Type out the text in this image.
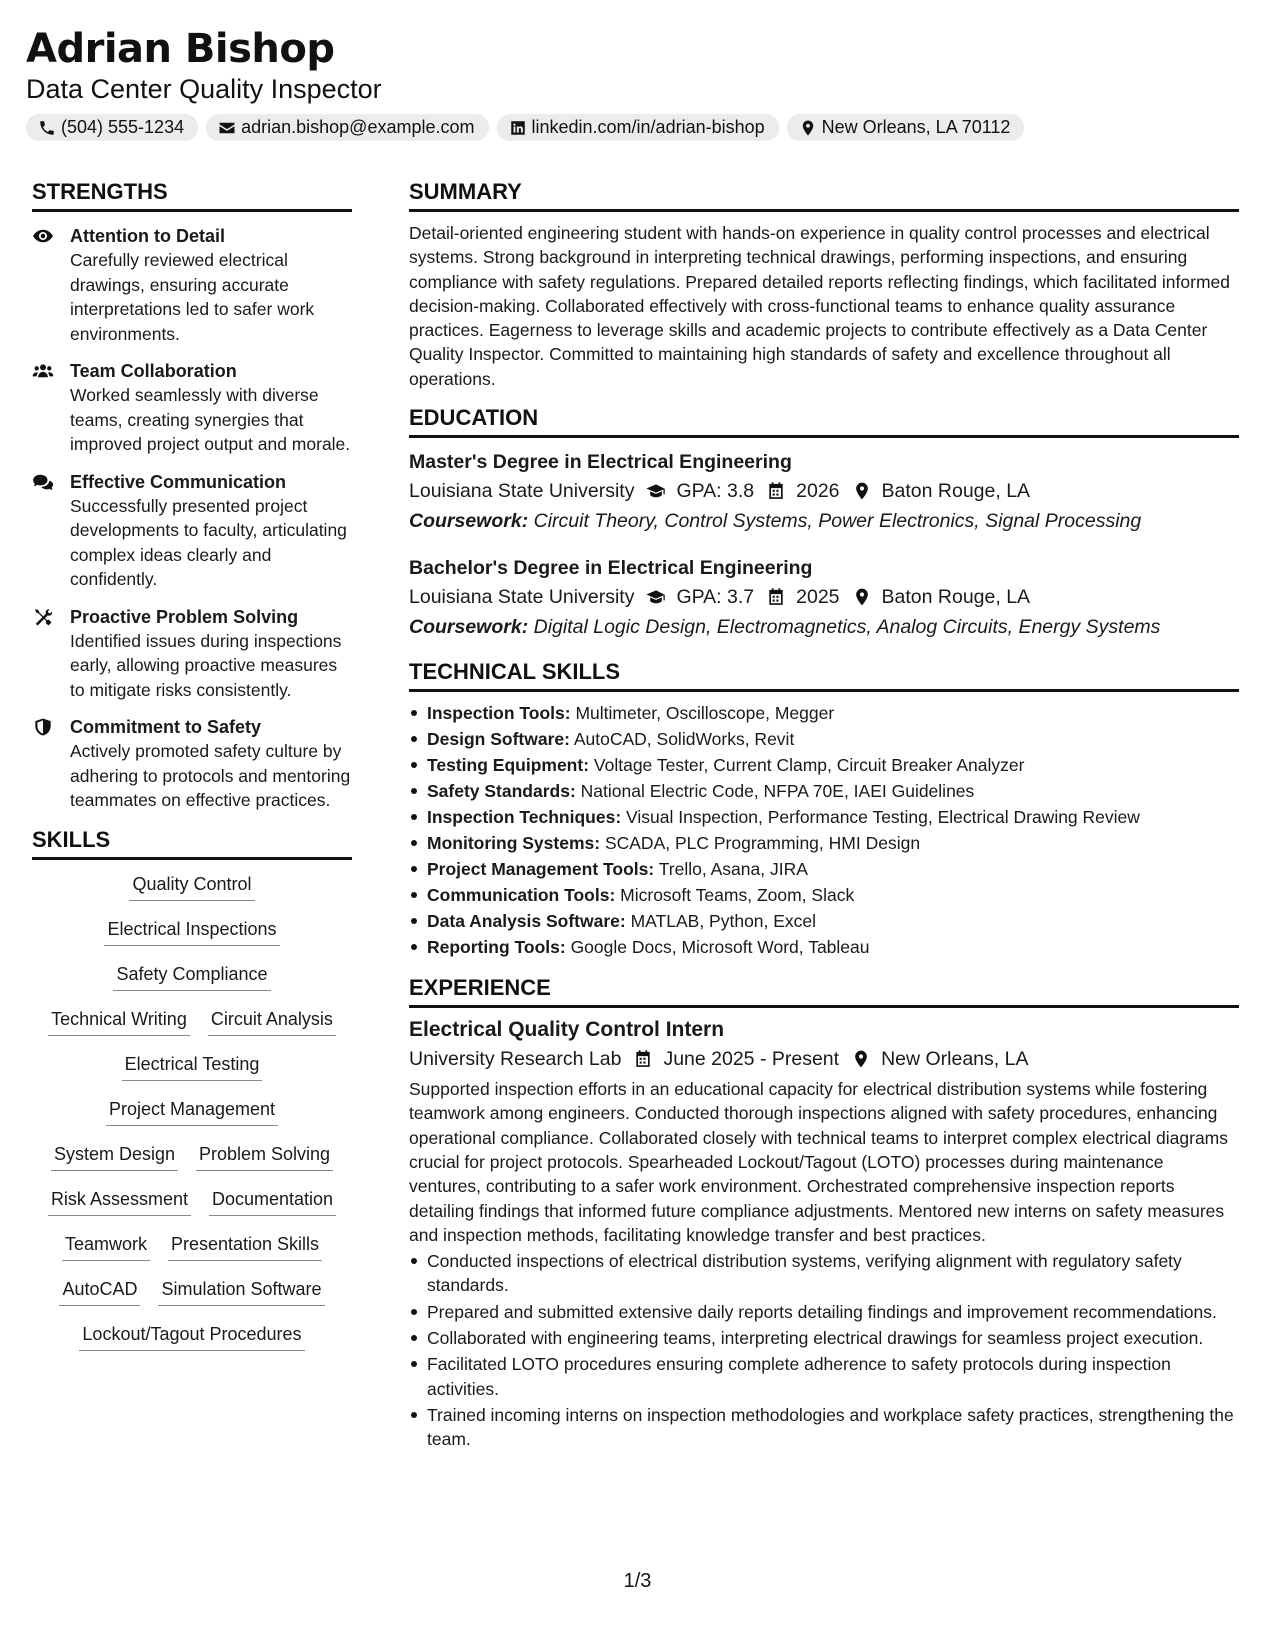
Adrian Bishop
Data Center Quality Inspector
(504) 555-1234	adrian.bishop@example.com	linkedin.com/in/adrian-bishop	New Orleans, LA 70112
STRENGTHS
Attention to Detail
Carefully reviewed electrical drawings, ensuring accurate interpretations led to safer work environments.
Team Collaboration
Worked seamlessly with diverse teams, creating synergies that improved project output and morale.
Effective Communication
Successfully presented project developments to faculty, articulating complex ideas clearly and confidently.
Proactive Problem Solving
Identified issues during inspections early, allowing proactive measures to mitigate risks consistently.
Commitment to Safety
Actively promoted safety culture by adhering to protocols and mentoring teammates on effective practices.
SKILLS
Quality Control
Electrical Inspections
Safety Compliance
Technical Writing Circuit Analysis
Electrical Testing
Project Management
System Design Problem Solving
Risk Assessment Documentation
Teamwork Presentation Skills
AutoCAD Simulation Software
Lockout/Tagout Procedures
SUMMARY
Detail-oriented engineering student with hands-on experience in quality control processes and electrical systems. Strong background in interpreting technical drawings, performing inspections, and ensuring compliance with safety regulations. Prepared detailed reports reflecting findings, which facilitated informed decision-making. Collaborated effectively with cross-functional teams to enhance quality assurance practices. Eagerness to leverage skills and academic projects to contribute effectively as a Data Center Quality Inspector. Committed to maintaining high standards of safety and excellence throughout all operations.
EDUCATION
Master's Degree in Electrical Engineering
Louisiana State University GPA: 3.8 2026 Baton Rouge, LA
Coursework: Circuit Theory, Control Systems, Power Electronics, Signal Processing
Bachelor's Degree in Electrical Engineering
Louisiana State University GPA: 3.7 2025 Baton Rouge, LA
Coursework: Digital Logic Design, Electromagnetics, Analog Circuits, Energy Systems
TECHNICAL SKILLS
Inspection Tools: Multimeter, Oscilloscope, Megger
Design Software: AutoCAD, SolidWorks, Revit
Testing Equipment: Voltage Tester, Current Clamp, Circuit Breaker Analyzer
Safety Standards: National Electric Code, NFPA 70E, IAEI Guidelines
Inspection Techniques: Visual Inspection, Performance Testing, Electrical Drawing Review
Monitoring Systems: SCADA, PLC Programming, HMI Design
Project Management Tools: Trello, Asana, JIRA
Communication Tools: Microsoft Teams, Zoom, Slack
Data Analysis Software: MATLAB, Python, Excel
Reporting Tools: Google Docs, Microsoft Word, Tableau
EXPERIENCE
Electrical Quality Control Intern
University Research Lab June 2025 - Present New Orleans, LA
Supported inspection efforts in an educational capacity for electrical distribution systems while fostering teamwork among engineers. Conducted thorough inspections aligned with safety procedures, enhancing operational compliance. Collaborated closely with technical teams to interpret complex electrical diagrams crucial for project protocols. Spearheaded Lockout/Tagout (LOTO) processes during maintenance ventures, contributing to a safer work environment. Orchestrated comprehensive inspection reports detailing findings that informed future compliance adjustments. Mentored new interns on safety measures and inspection methods, facilitating knowledge transfer and best practices.
Conducted inspections of electrical distribution systems, verifying alignment with regulatory safety standards.
Prepared and submitted extensive daily reports detailing findings and improvement recommendations.
Collaborated with engineering teams, interpreting electrical drawings for seamless project execution.
Facilitated LOTO procedures ensuring complete adherence to safety protocols during inspection activities.
Trained incoming interns on inspection methodologies and workplace safety practices, strengthening the team.
1/3
